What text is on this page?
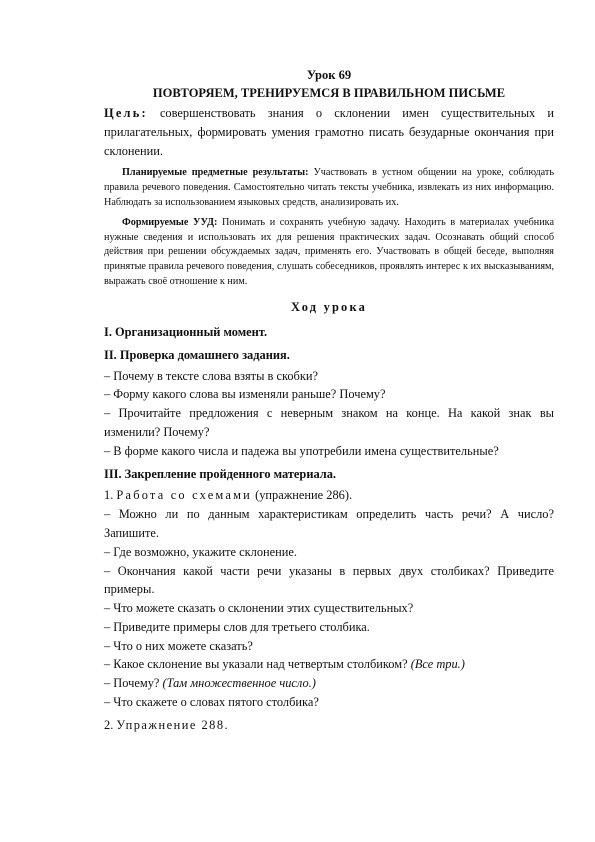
Урок 69

ПОВТОРЯЕМ, ТРЕНИРУЕМСЯ В ПРАВИЛЬНОМ ПИСЬМЕ

Цель: совершенствовать знания о склонении имен существительных и прилагательных, формировать умения грамотно писать безударные окончания при склонении.

Планируемые предметные результаты: Участвовать в устном общении на уроке, соблюдать правила речевого поведения. Самостоятельно читать тексты учебника, извлекать из них информацию. Наблюдать за использованием языковых средств, анализировать их.

Формируемые УУД: Понимать и сохранять учебную задачу. Находить в материалах учебника нужные сведения и использовать их для решения практических задач. Осознавать общий способ действия при решении обсуждаемых задач, применять его. Участвовать в общей беседе, выполняя принятые правила речевого поведения, слушать собеседников, проявлять интерес к их высказываниям, выражать своё отношение к ним.

Ход урока

I. Организационный момент.

II. Проверка домашнего задания.

– Почему в тексте слова взяты в скобки?

– Форму какого слова вы изменяли раньше? Почему?

– Прочитайте предложения с неверным знаком на конце. На какой знак вы изменили? Почему?

– В форме какого числа и падежа вы употребили имена существительные?

III. Закрепление пройденного материала.

1. Работа со схемами (упражнение 286).

– Можно ли по данным характеристикам определить часть речи? А число? Запишите.

– Где возможно, укажите склонение.

– Окончания какой части речи указаны в первых двух столбиках? Приведите примеры.

– Что можете сказать о склонении этих существительных?

– Приведите примеры слов для третьего столбика.

– Что о них можете сказать?

– Какое склонение вы указали над четвертым столбиком? (Все три.)

– Почему? (Там множественное число.)

– Что скажете о словах пятого столбика?

2. Упражнение 288.
